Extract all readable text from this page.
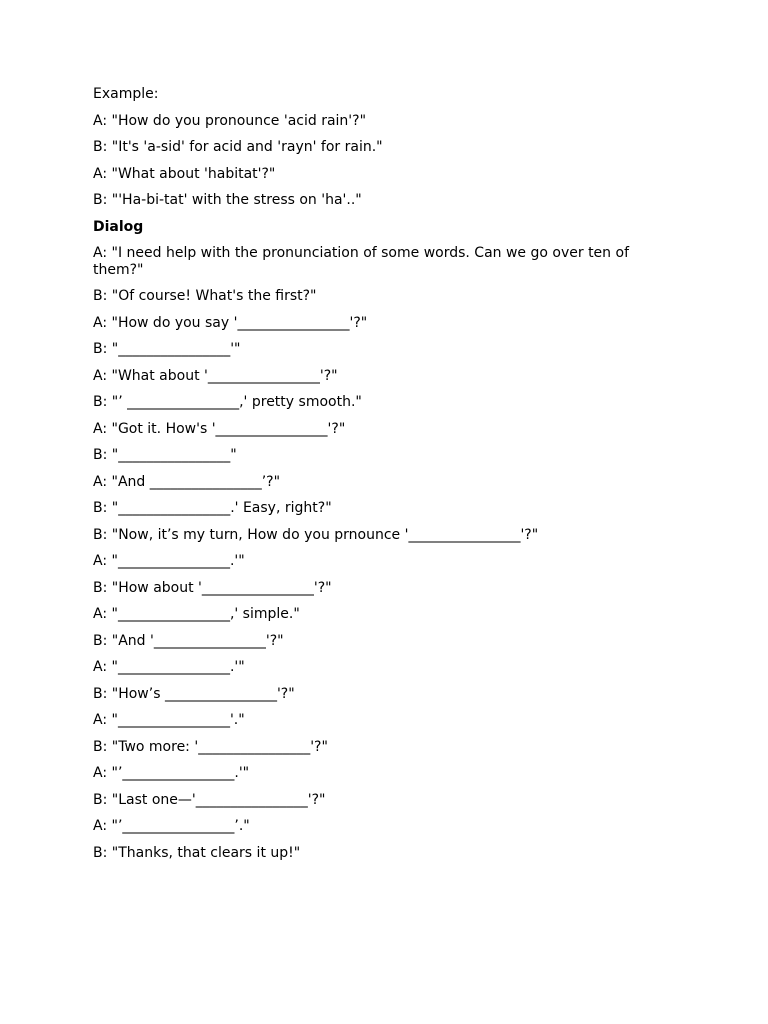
Example:
A: "How do you pronounce 'acid rain'?"
B: "It's 'a-sid' for acid and 'rayn' for rain."
A: "What about 'habitat'?"
B: "'Ha-bi-tat' with the stress on 'ha'.."
Dialog
A: "I need help with the pronunciation of some words. Can we go over ten of them?"
B: "Of course! What's the first?"
A: "How do you say '________________'?"
B: "________________'"
A: "What about '________________'?"
B: "’ ________________,' pretty smooth."
A: "Got it. How's '________________'?"
B: "________________"
A: "And ________________’?"
B: "________________.' Easy, right?"
B: "Now, it’s my turn, How do you prnounce '________________'?"
A: "________________.'"
B: "How about '________________'?"
A: "________________,' simple."
B: "And '________________'?"
A: "________________.'"
B: "How’s ________________'?"
A: "________________'."
B: "Two more: '________________'?"
A: "’________________.'"
B: "Last one—'________________'?"
A: "’________________’."
B: "Thanks, that clears it up!"
